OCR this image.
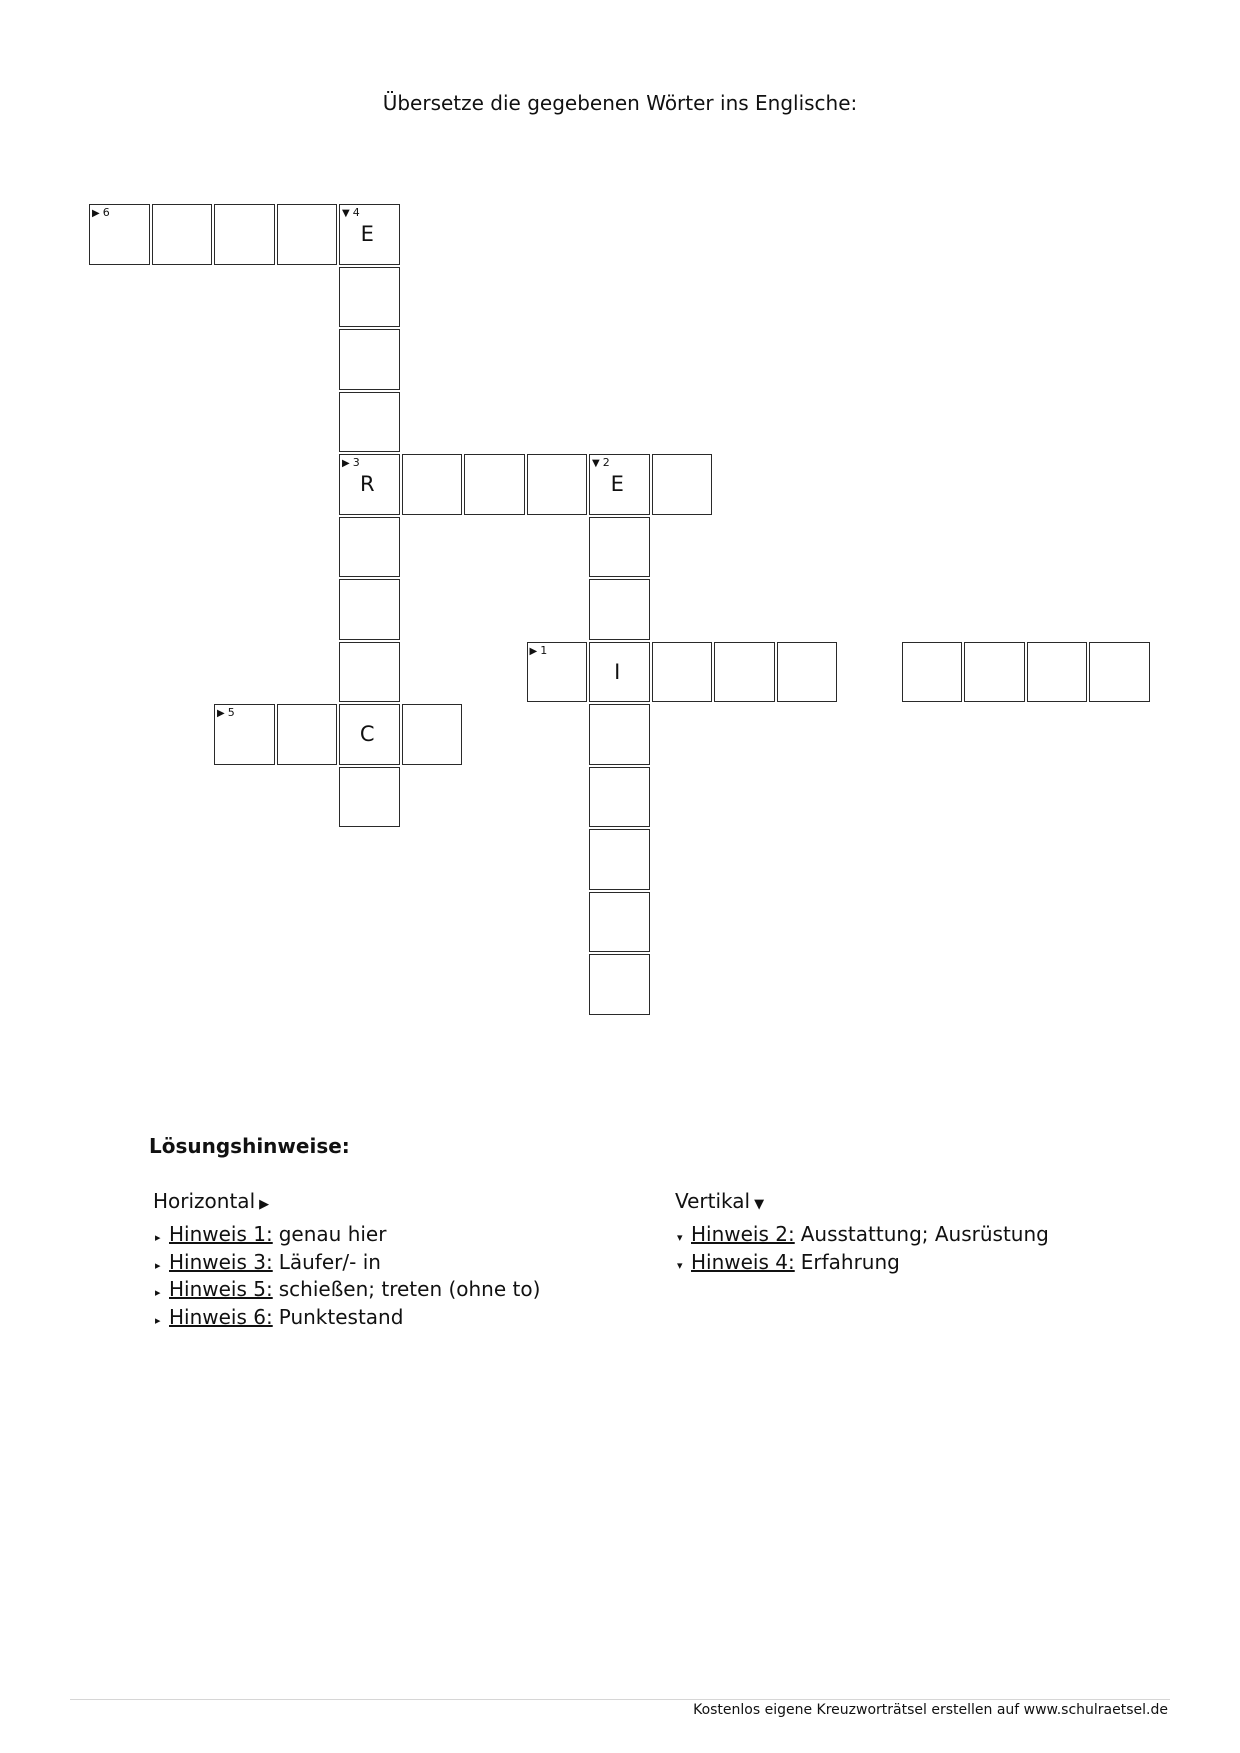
Übersetze die gegebenen Wörter ins Englische:
▶ 6	▼ 4
E
▶ 3
R
C
▼ 2
E
I
▶ 1
▶ 5
Lösungshinweise:
Horizontal ▶
▸ Hinweis 1: genau hier
▸ Hinweis 3: Läufer/- in
▸ Hinweis 5: schießen; treten (ohne to)
▸ Hinweis 6: Punktestand
Vertikal ▼
▾ Hinweis 2: Ausstattung; Ausrüstung
▾ Hinweis 4: Erfahrung
Kostenlos eigene Kreuzworträtsel erstellen auf www.schulraetsel.de
